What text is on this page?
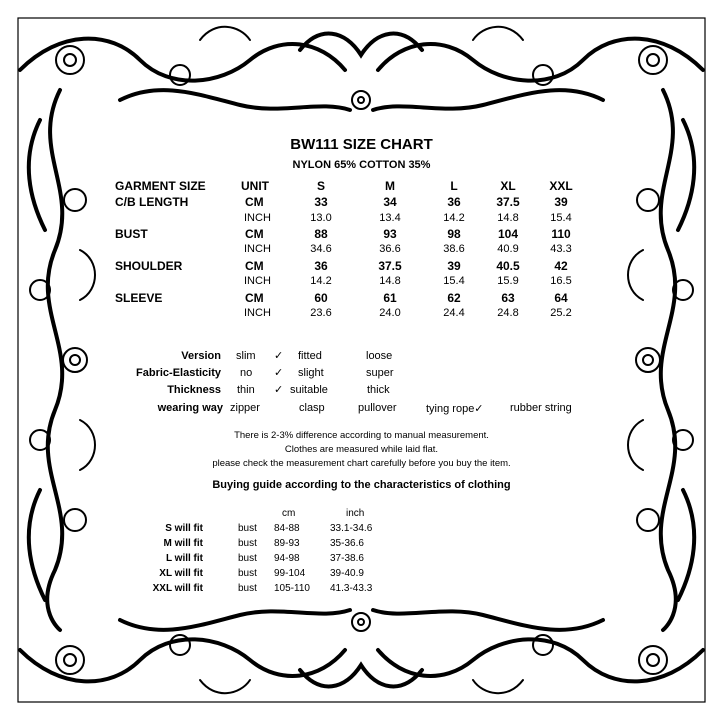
BW111 SIZE CHART
NYLON 65% COTTON 35%
GARMENT SIZE	UNIT	S	M	L	XL	XXL
C/B LENGTH	CM	33	34	36	37.5	39
INCH	13.0	13.4	14.2	14.8	15.4
BUST	CM	88	93	98	104	110
INCH	34.6	36.6	38.6	40.9	43.3
SHOULDER	CM	36	37.5	39	40.5	42
INCH	14.2	14.8	15.4	15.9	16.5
SLEEVE	CM	60	61	62	63	64
INCH	23.6	24.0	24.4	24.8	25.2
Version slim ✓ fitted	loose
Fabric-Elasticity no ✓ slight	super
Thickness thin ✓ suitable	thick
wearing way zipper	clasp	pullover	tying rope✓ rubber string
There is 2-3% difference according to manual measurement.
Clothes are measured while laid flat.
please check the measurement chart carefully before you buy the item.
Buying guide according to the characteristics of clothing
cm	inch
S will fit	bust 84-88	33.1-34.6
M will fit	bust 89-93	35-36.6
L will fit	bust 94-98	37-38.6
XL will fit	bust 99-104 39-40.9
XXL will fit	bust 105-110 41.3-43.3
